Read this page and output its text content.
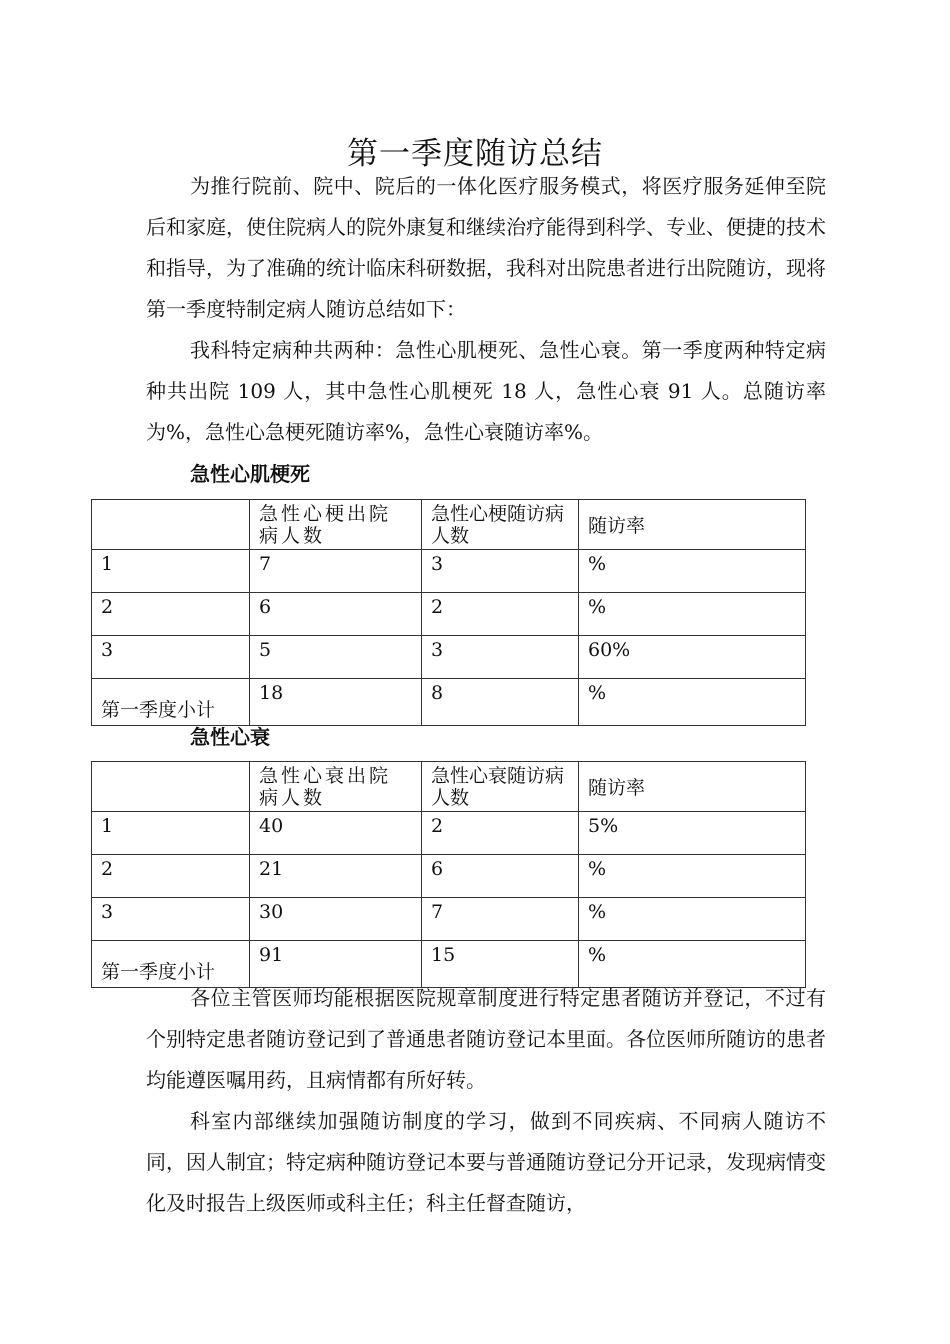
第一季度随访总结

为推行院前、院中、院后的一体化医疗服务模式，将医疗服务延伸至院后和家庭，使住院病人的院外康复和继续治疗能得到科学、专业、便捷的技术和指导，为了准确的统计临床科研数据，我科对出院患者进行出院随访，现将第一季度特制定病人随访总结如下：

我科特定病种共两种：急性心肌梗死、急性心衰。第一季度两种特定病种共出院 109 人，其中急性心肌梗死 18 人，急性心衰 91 人。总随访率为%，急性心急梗死随访率%，急性心衰随访率%。

急性心肌梗死
	急性心梗出院病人数	急性心梗随访病人数	随访率
1	7	3	%
2	6	2	%
3	5	3	60%
第一季度小计	18	8	%
急性心衰
	急性心衰出院病人数	急性心衰随访病人数	随访率
1	40	2	5%
2	21	6	%
3	30	7	%
第一季度小计	91	15	%

各位主管医师均能根据医院规章制度进行特定患者随访并登记，不过有个别特定患者随访登记到了普通患者随访登记本里面。各位医师所随访的患者均能遵医嘱用药，且病情都有所好转。

科室内部继续加强随访制度的学习，做到不同疾病、不同病人随访不同，因人制宜；特定病种随访登记本要与普通随访登记分开记录，发现病情变化及时报告上级医师或科主任；科主任督查随访，
